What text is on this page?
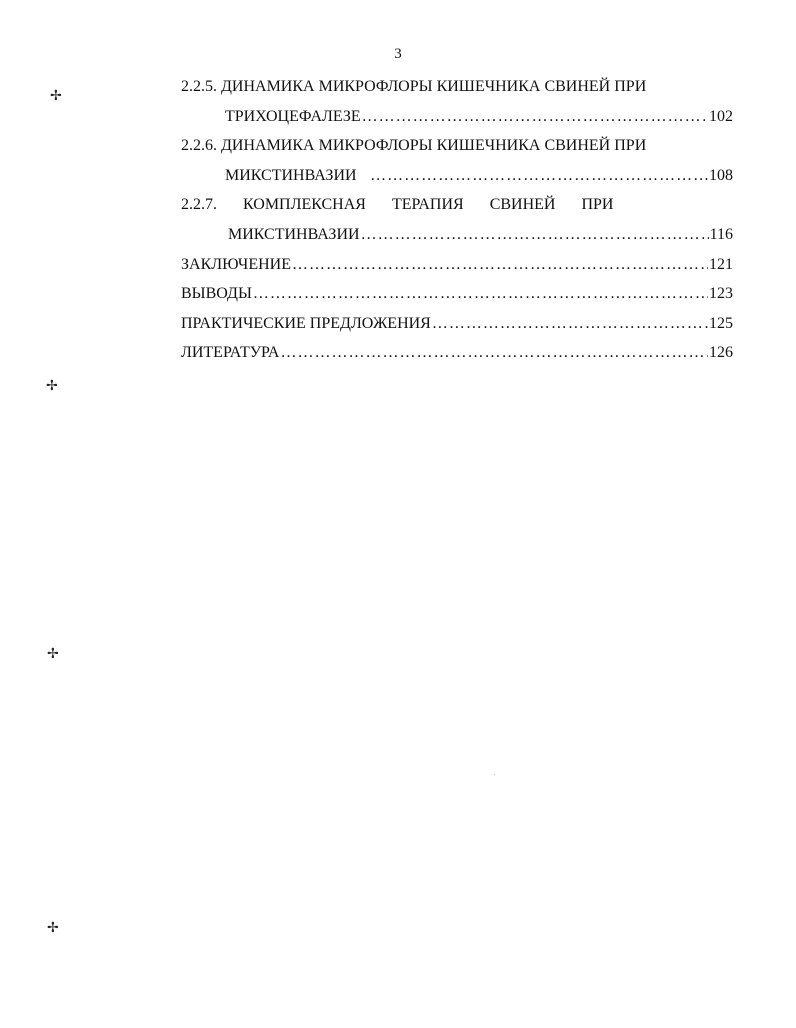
3
2.2.5. ДИНАМИКА МИКРОФЛОРЫ КИШЕЧНИКА СВИНЕЙ ПРИ
ТРИХОЦЕФАЛЕЗЕ ……………………………………………………………………………………………………………	102
2.2.6. ДИНАМИКА МИКРОФЛОРЫ КИШЕЧНИКА СВИНЕЙ ПРИ
МИКСТИНВАЗИИ ……………………………………………………………………………………………………………	108
2.2.7. КОМПЛЕКСНАЯ ТЕРАПИЯ СВИНЕЙ ПРИ
МИКСТИНВАЗИИ ……………………………………………………………………………………………………………	116
ЗАКЛЮЧЕНИЕ ……………………………………………………………………………………………………………	121
ВЫВОДЫ ……………………………………………………………………………………………………………	123
ПРАКТИЧЕСКИЕ ПРЕДЛОЖЕНИЯ ……………………………………………………………………………………………………………	125
ЛИТЕРАТУРА ……………………………………………………………………………………………………………	126
✢
✢
✢
✢
·
